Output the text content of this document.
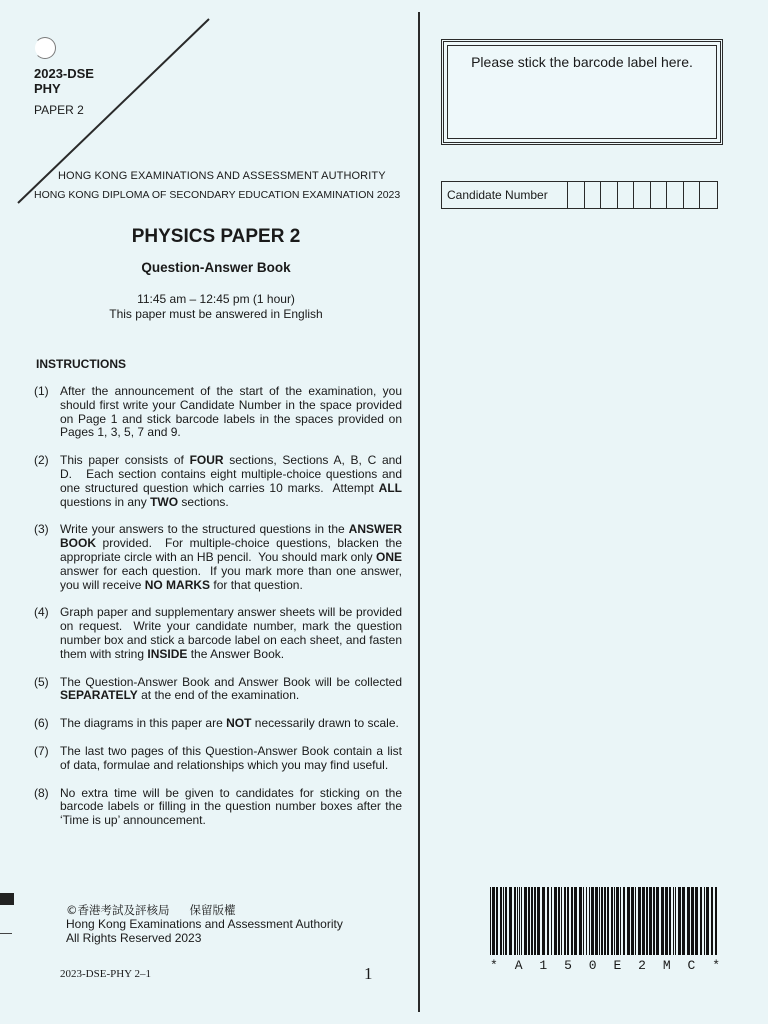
2023-DSE
PHY
PAPER 2
HONG KONG EXAMINATIONS AND ASSESSMENT AUTHORITY
HONG KONG DIPLOMA OF SECONDARY EDUCATION EXAMINATION 2023
PHYSICS PAPER 2
Question-Answer Book
11:45 am – 12:45 pm (1 hour)
This paper must be answered in English
INSTRUCTIONS
(1) After the announcement of the start of the examination, you should first write your Candidate Number in the space provided on Page 1 and stick barcode labels in the spaces provided on Pages 1, 3, 5, 7 and 9.
(2) This paper consists of FOUR sections, Sections A, B, C and D.   Each section contains eight multiple-choice questions and one structured question which carries 10 marks.  Attempt ALL questions in any TWO sections.
(3) Write your answers to the structured questions in the ANSWER BOOK provided.  For multiple-choice questions, blacken the appropriate circle with an HB pencil.  You should mark only ONE answer for each question.  If you mark more than one answer, you will receive NO MARKS for that question.
(4) Graph paper and supplementary answer sheets will be provided on request.  Write your candidate number, mark the question number box and stick a barcode label on each sheet, and fasten them with string INSIDE the Answer Book.
(5) The Question-Answer Book and Answer Book will be collected SEPARATELY at the end of the examination.
(6) The diagrams in this paper are NOT necessarily drawn to scale.
(7) The last two pages of this Question-Answer Book contain a list of data, formulae and relationships which you may find useful.
(8) No extra time will be given to candidates for sticking on the barcode labels or filling in the question number boxes after the ‘Time is up’ announcement.
©香港考試及評核局 保留版權
Hong Kong Examinations and Assessment Authority
All Rights Reserved 2023
2023-DSE-PHY 2–1	1
Please stick the barcode label here.
Candidate Number
* A 1 5 0 E 2 M C *
